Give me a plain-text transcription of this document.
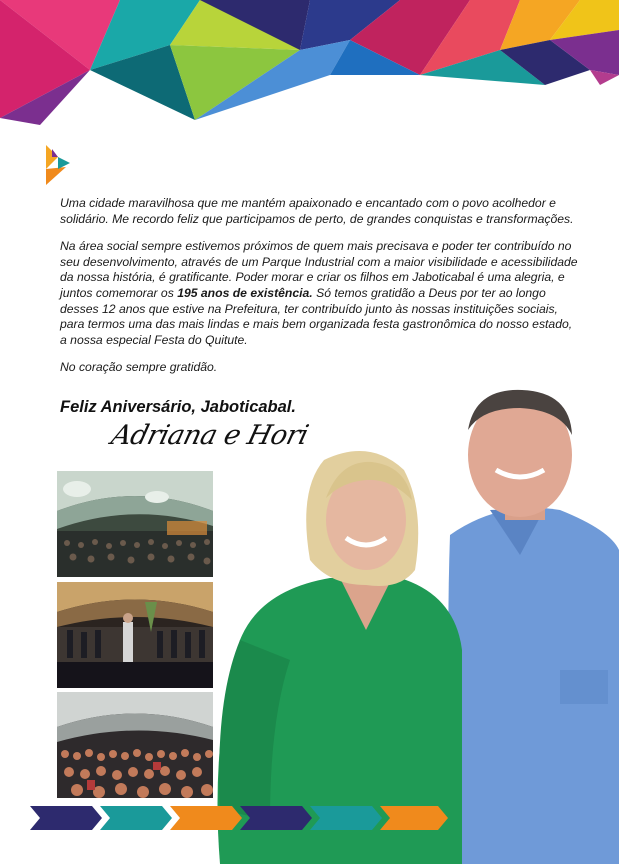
Uma cidade maravilhosa que me mantém apaixonado e encantado com o povo acolhedor e solidário. Me recordo feliz que participamos de perto, de grandes conquistas e transformações.

Na área social sempre estivemos próximos de quem mais precisava e poder ter contribuído no seu desenvolvimento, através de um Parque Industrial com a maior visibilidade e acessibilidade da nossa história, é gratificante. Poder morar e criar os filhos em Jaboticabal é uma alegria, e juntos comemorar os 195 anos de existência. Só temos gratidão a Deus por ter ao longo desses 12 anos que estive na Prefeitura, ter contribuído junto às nossas instituições sociais, para termos uma das mais lindas e mais bem organizada festa gastronômica do nosso estado, a nossa especial Festa do Quitute.

No coração sempre gratidão.

Feliz Aniversário, Jaboticabal.
Adriana e Hori
